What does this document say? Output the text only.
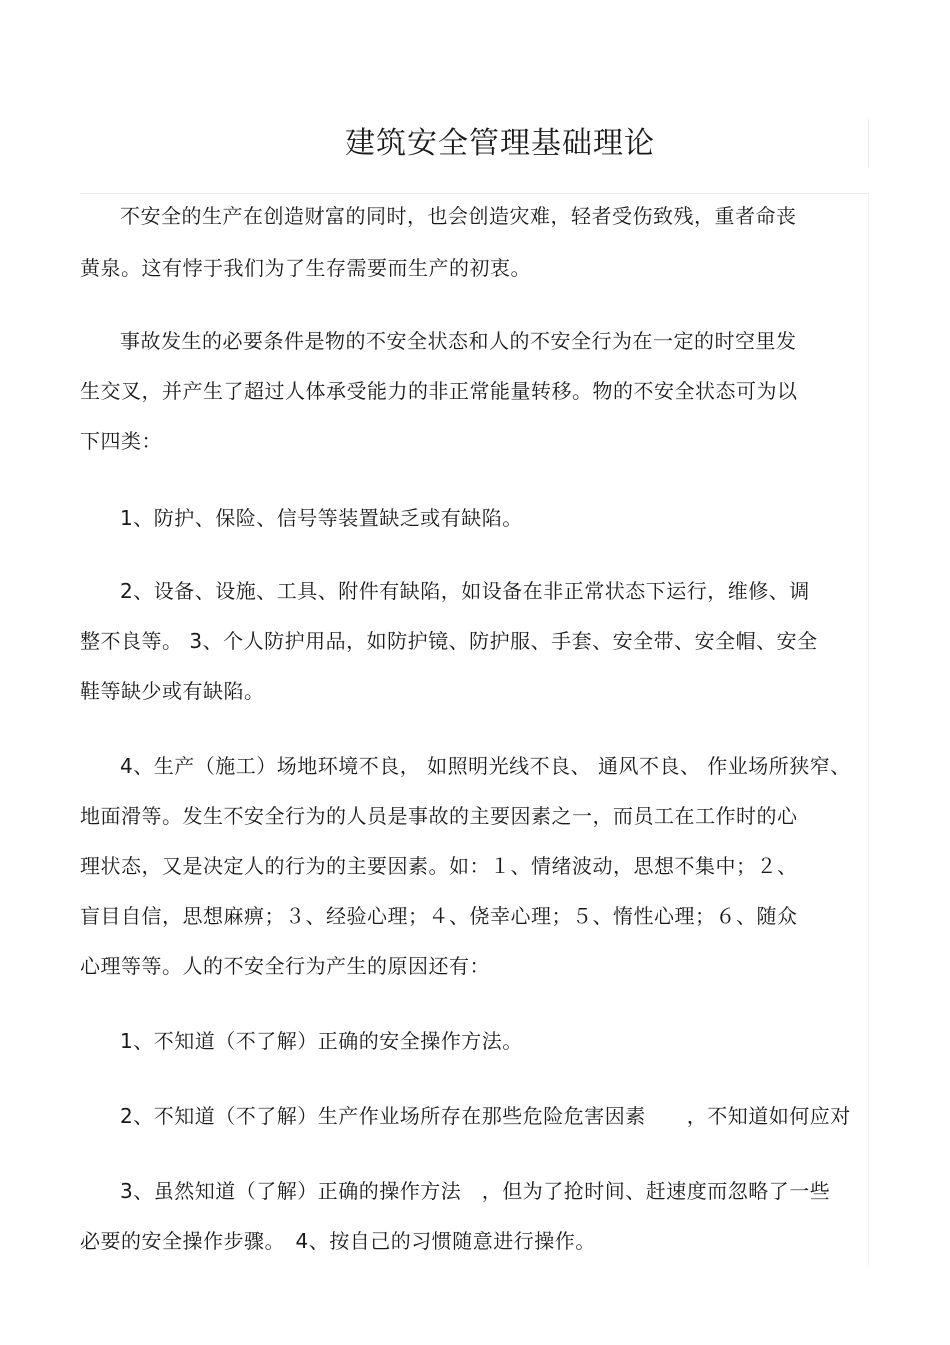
建筑安全管理基础理论
不安全的生产在创造财富的同时，也会创造灾难，轻者受伤致残，重者命丧
黄泉。这有悖于我们为了生存需要而生产的初衷。
事故发生的必要条件是物的不安全状态和人的不安全行为在一定的时空里发
生交叉，并产生了超过人体承受能力的非正常能量转移。物的不安全状态可为以
下四类：
1、防护、保险、信号等装置缺乏或有缺陷。
2、设备、设施、工具、附件有缺陷，如设备在非正常状态下运行，维修、调
整不良等。 3、个人防护用品，如防护镜、防护服、手套、安全带、安全帽、安全
鞋等缺少或有缺陷。
4、生产（施工）场地环境不良， 如照明光线不良、 通风不良、 作业场所狭窄、
地面滑等。发生不安全行为的人员是事故的主要因素之一，而员工在工作时的心
理状态，又是决定人的行为的主要因素。如：１、情绪波动，思想不集中；２、
盲目自信，思想麻痹；３、经验心理；４、侥幸心理；５、惰性心理；６、随众
心理等等。人的不安全行为产生的原因还有：
1、不知道（不了解）正确的安全操作方法。
2、不知道（不了解）生产作业场所存在那些危险危害因素　　，不知道如何应对
3、虽然知道（了解）正确的操作方法　，但为了抢时间、赶速度而忽略了一些
必要的安全操作步骤。　4、按自己的习惯随意进行操作。
